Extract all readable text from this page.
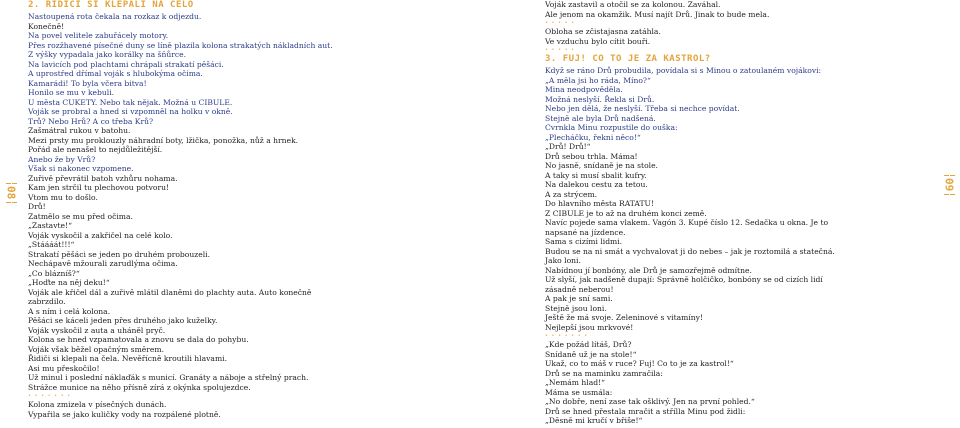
08
2. ŘIDIČI SI KLEPALI NA ČELO
Nastoupená rota čekala na rozkaz k odjezdu.
Konečně!
Na povel velitele zabuřácely motory.
Přes rozžhavené písečné duny se líně plazila kolona strakatých nákladních aut.
Z výšky vypadala jako korálky na šňůrce.
Na lavicích pod plachtami chrápali strakatí pěšáci.
A uprostřed dřímal voják s hlubokýma očima.
Kamarádi! To byla včera bitva!
Honilo se mu v kebuli.
U města CUKETY. Nebo tak nějak. Možná u CIBULE.
Voják se probral a hned si vzpomněl na holku v okně.
Trů? Nebo Hrů? A co třeba Krů?
Zašmátral rukou v batohu.
Mezi prsty mu proklouzly náhradní boty, lžička, ponožka, nůž a hrnek.
Pořád ale nenašel to nejdůležitější.
Anebo že by Vrů?
Však si nakonec vzpomene.
Zuřivě převrátil batoh vzhůru nohama.
Kam jen strčil tu plechovou potvoru!
Vtom mu to došlo.
Drů!
Zatmělo se mu před očima.
„Zastavte!“
Voják vyskočil a zakřičel na celé kolo.
„Stáááát!!!“
Strakatí pěšáci se jeden po druhém probouzeli.
Nechápavě mžourali zarudlýma očima.
„Co blázníš?“
„Hoďte na něj deku!“
Voják ale křičel dál a zuřivě mlátil dlaněmi do plachty auta. Auto konečně
zabrzdilo.
A s ním i celá kolona.
Pěšáci se káceli jeden přes druhého jako kuželky.
Voják vyskočil z auta a uháněl pryč.
Kolona se hned vzpamatovala a znovu se dala do pohybu.
Voják však běžel opačným směrem.
Řidiči si klepali na čela. Nevěřícně kroutili hlavami.
Asi mu přeskočilo!
Už minul i poslední náklaďák s municí. Granáty a náboje a střelný prach.
Strážce munice na něho přísně zírá z okýnka spolujezdce.
• • • • • • •
Kolona zmizela v písečných dunách.
Vypařila se jako kuličky vody na rozpálené plotně.
Voják zastavil a otočil se za kolonou. Zaváhal.
Ale jenom na okamžik. Musí najít Drů. Jinak to bude mela.
• • • • •
Obloha se zčistajasna zatáhla.
Ve vzduchu bylo cítit bouři.
• • • • •
3. FUJ! CO TO JE ZA KASTROL?
Když se ráno Drů probudila, povídala si s Minou o zatoulaném vojákovi:
„A měla jsi ho ráda, Míno?“
Mina neodpověděla.
Možná neslyší. Řekla si Drů.
Nebo jen dělá, že neslyší. Třeba si nechce povídat.
Stejně ale byla Drů nadšená.
Cvrnkla Minu rozpustile do ouška:
„Plecháčku, řekni něco!“
„Drů! Drů!“
Drů sebou trhla. Máma!
No jasně, snídaně je na stole.
A taky si musí sbalit kufry.
Na dalekou cestu za tetou.
A za strýcem.
Do hlavního města RATATU!
Z CIBULE je to až na druhém konci země.
Navíc pojede sama vlakem. Vagón 3. Kupé číslo 12. Sedačka u okna. Je to
napsané na jízdence.
Sama s cizími lidmi.
Budou se na ni smát a vychvalovat ji do nebes – jak je roztomilá a statečná.
Jako loni.
Nabídnou jí bonbóny, ale Drů je samozřejmě odmítne.
Už slyší, jak nadšeně dupají: Správně holčičko, bonbóny se od cizích lidí
zásadně neberou!
A pak je sní sami.
Stejně jsou loni.
Ještě že má svoje. Zeleninové s vitamíny!
Nejlepší jsou mrkvové!
• • • • • • •
„Kde požád lítáš, Drů?
Snídaně už je na stole!“
Ukaž, co to máš v ruce? Fuj! Co to je za kastrol!“
Drů se na maminku zamračila:
„Nemám hlad!“
Máma se usmála:
„No dobře, není zase tak ošklivý. Jen na první pohled.“
Drů se hned přestala mračit a střílla Minu pod židli:
„Děsně mi kručí v břiše!“
09
